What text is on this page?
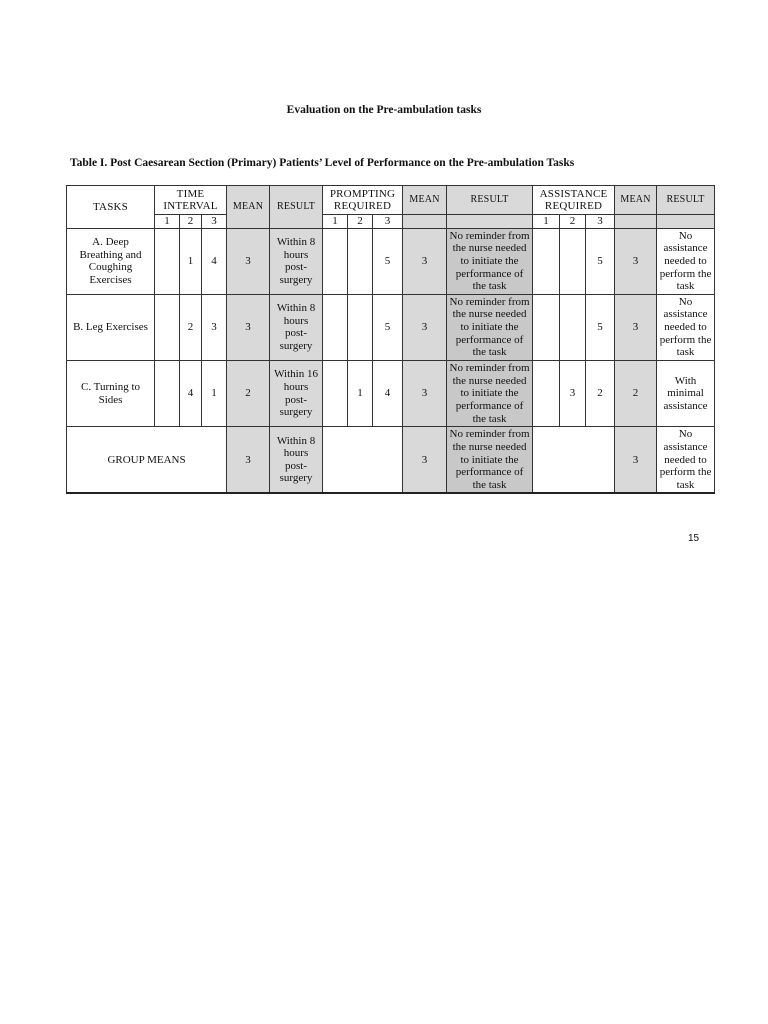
Evaluation on the Pre-ambulation tasks
Table I. Post Caesarean Section (Primary) Patients’ Level of Performance on the Pre-ambulation Tasks
TASKS	TIME INTERVAL			MEAN	RESULT	PROMPTING REQUIRED			MEAN	RESULT	ASSISTANCE REQUIRED			MEAN	RESULT
	1	2	3			1	2	3			1	2	3		
A. Deep Breathing and Coughing Exercises		1	4	3	Within 8 hours post-surgery			5	3	No reminder from the nurse needed to initiate the performance of the task			5	3	No assistance needed to perform the task
B. Leg Exercises		2	3	3	Within 8 hours post-surgery			5	3	No reminder from the nurse needed to initiate the performance of the task			5	3	No assistance needed to perform the task
C. Turning to Sides		4	1	2	Within 16 hours post-surgery		1	4	3	No reminder from the nurse needed to initiate the performance of the task		3	2	2	With minimal assistance
GROUP MEANS				3	Within 8 hours post-surgery				3	No reminder from the nurse needed to initiate the performance of the task				3	No assistance needed to perform the task
15
